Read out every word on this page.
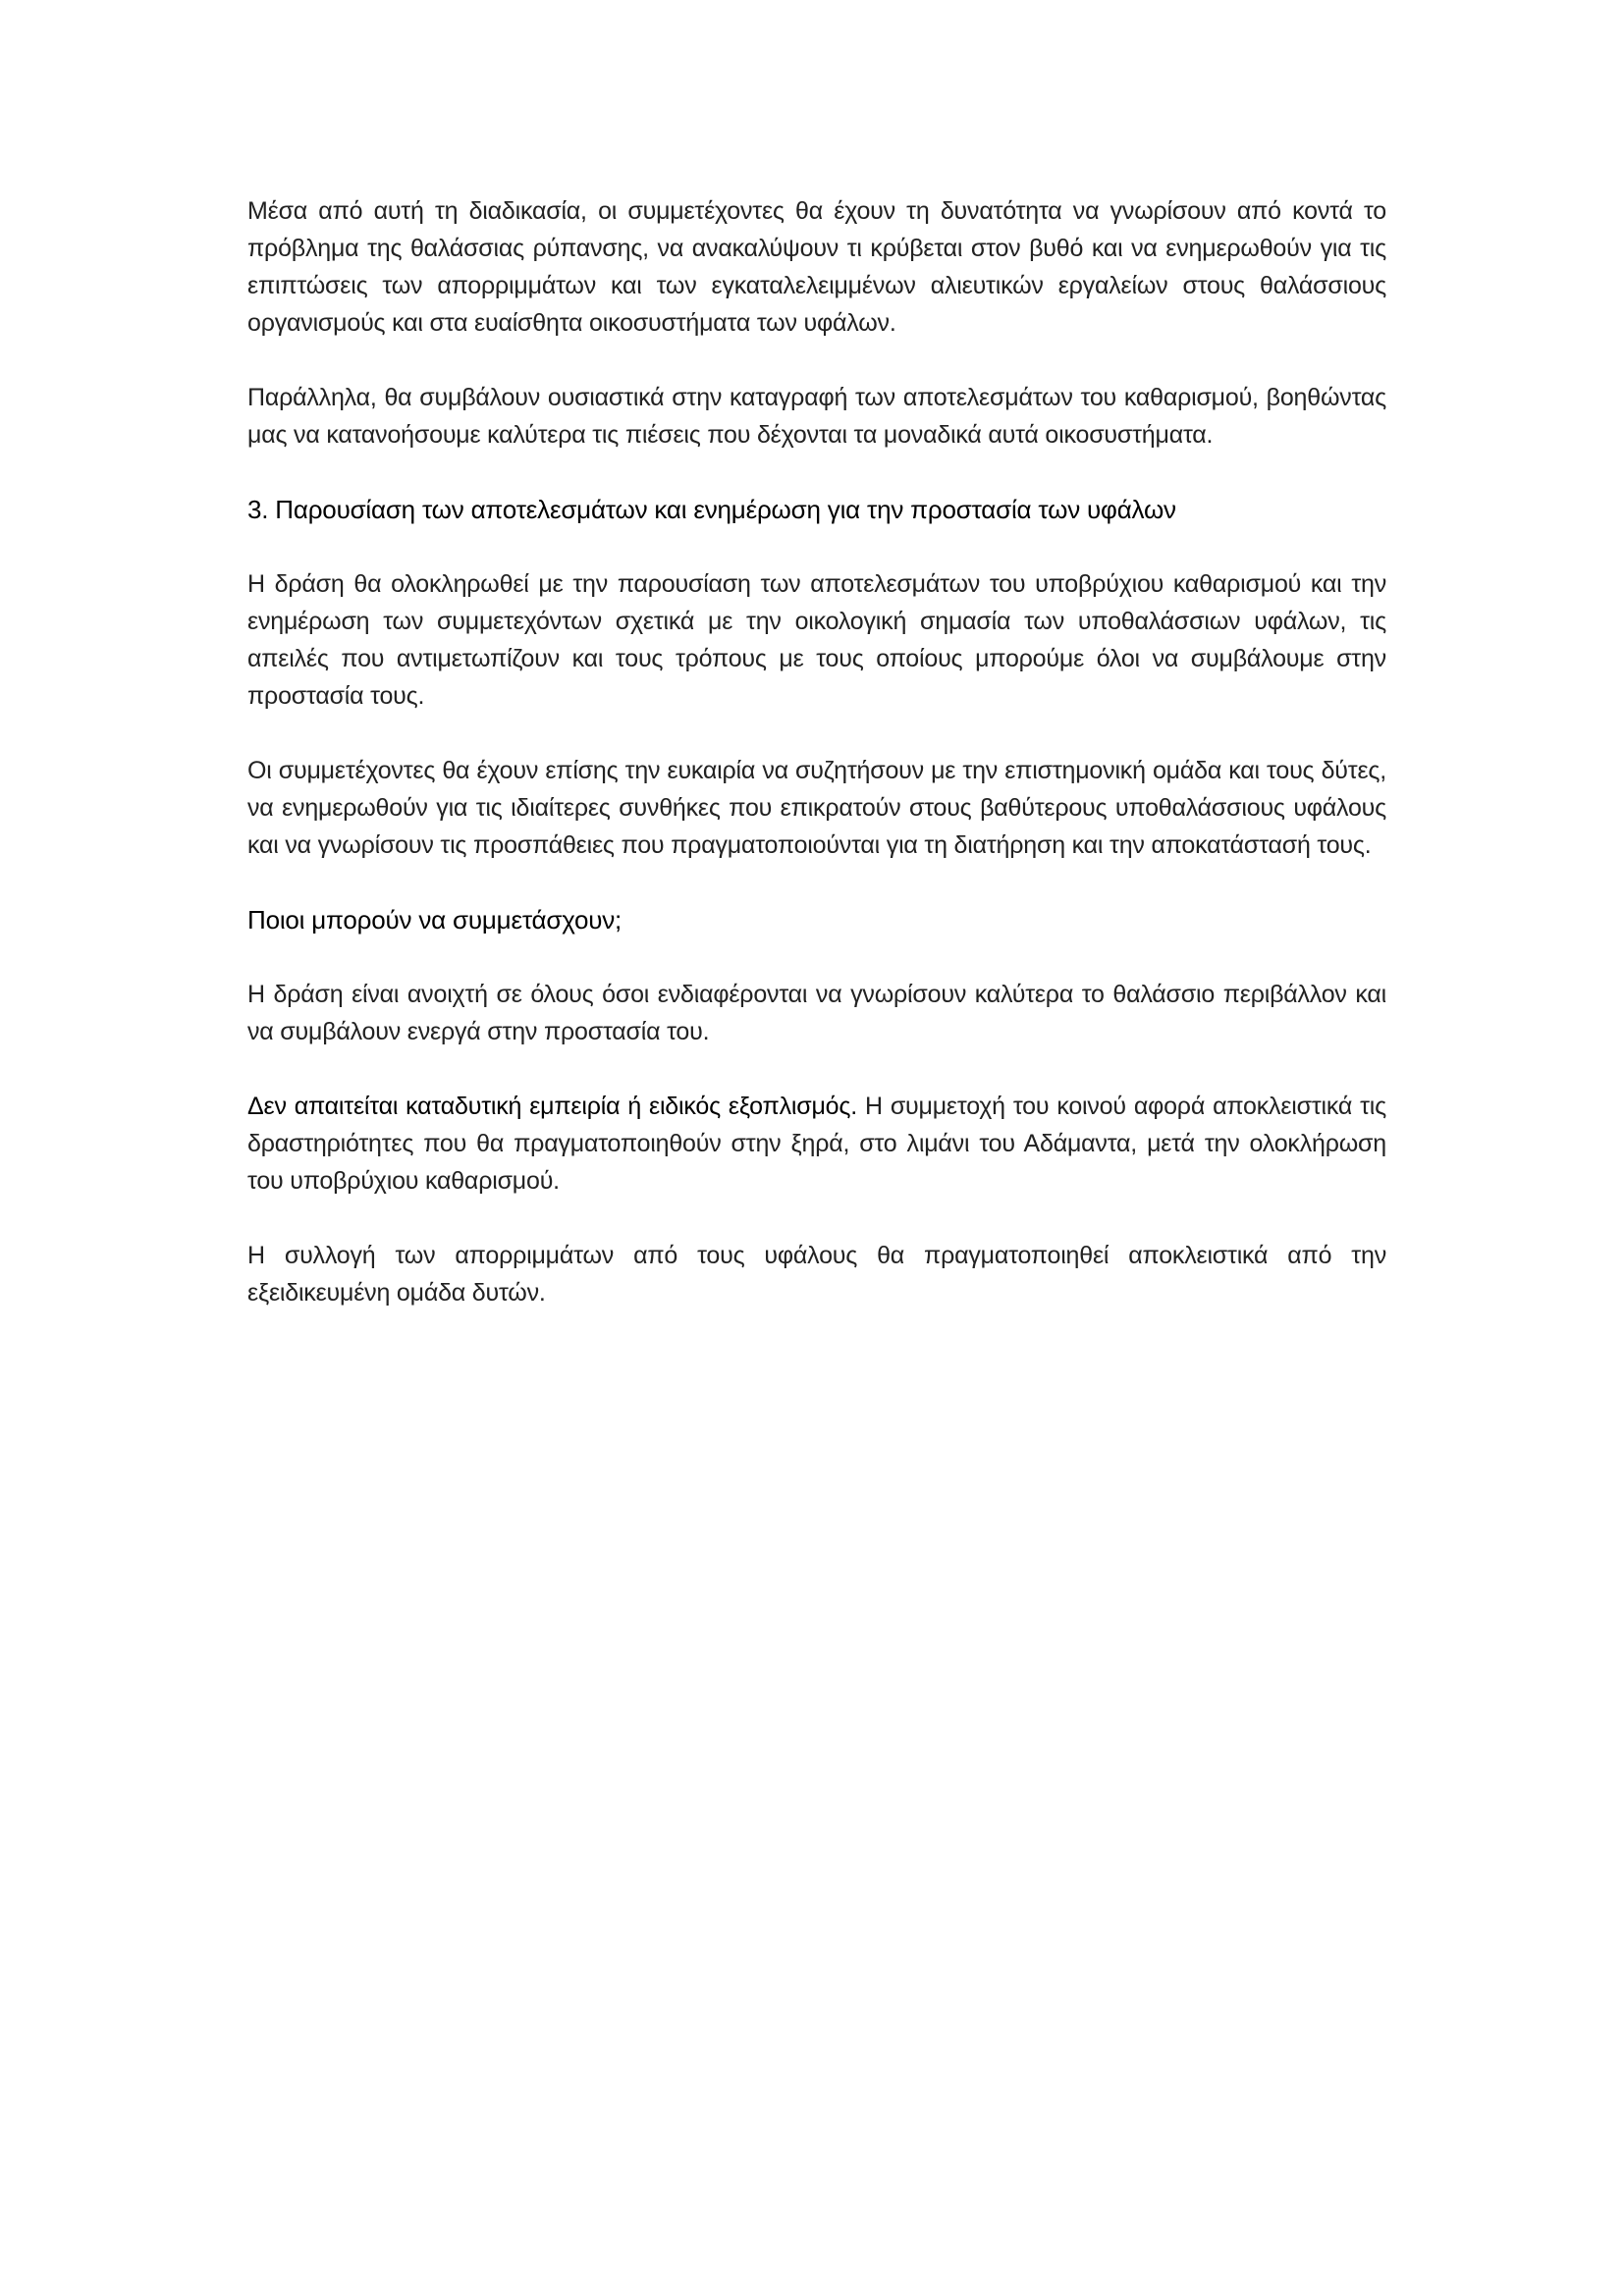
Μέσα από αυτή τη διαδικασία, οι συμμετέχοντες θα έχουν τη δυνατότητα να γνωρίσουν από κοντά το πρόβλημα της θαλάσσιας ρύπανσης, να ανακαλύψουν τι κρύβεται στον βυθό και να ενημερωθούν για τις επιπτώσεις των απορριμμάτων και των εγκαταλελειμμένων αλιευτικών εργαλείων στους θαλάσσιους οργανισμούς και στα ευαίσθητα οικοσυστήματα των υφάλων.

Παράλληλα, θα συμβάλουν ουσιαστικά στην καταγραφή των αποτελεσμάτων του καθαρισμού, βοηθώντας μας να κατανοήσουμε καλύτερα τις πιέσεις που δέχονται τα μοναδικά αυτά οικοσυστήματα.

3. Παρουσίαση των αποτελεσμάτων και ενημέρωση για την προστασία των υφάλων

Η δράση θα ολοκληρωθεί με την παρουσίαση των αποτελεσμάτων του υποβρύχιου καθαρισμού και την ενημέρωση των συμμετεχόντων σχετικά με την οικολογική σημασία των υποθαλάσσιων υφάλων, τις απειλές που αντιμετωπίζουν και τους τρόπους με τους οποίους μπορούμε όλοι να συμβάλουμε στην προστασία τους.

Οι συμμετέχοντες θα έχουν επίσης την ευκαιρία να συζητήσουν με την επιστημονική ομάδα και τους δύτες, να ενημερωθούν για τις ιδιαίτερες συνθήκες που επικρατούν στους βαθύτερους υποθαλάσσιους υφάλους και να γνωρίσουν τις προσπάθειες που πραγματοποιούνται για τη διατήρηση και την αποκατάστασή τους.

Ποιοι μπορούν να συμμετάσχουν;

Η δράση είναι ανοιχτή σε όλους όσοι ενδιαφέρονται να γνωρίσουν καλύτερα το θαλάσσιο περιβάλλον και να συμβάλουν ενεργά στην προστασία του.

Δεν απαιτείται καταδυτική εμπειρία ή ειδικός εξοπλισμός. Η συμμετοχή του κοινού αφορά αποκλειστικά τις δραστηριότητες που θα πραγματοποιηθούν στην ξηρά, στο λιμάνι του Αδάμαντα, μετά την ολοκλήρωση του υποβρύχιου καθαρισμού.

Η συλλογή των απορριμμάτων από τους υφάλους θα πραγματοποιηθεί αποκλειστικά από την εξειδικευμένη ομάδα δυτών.
